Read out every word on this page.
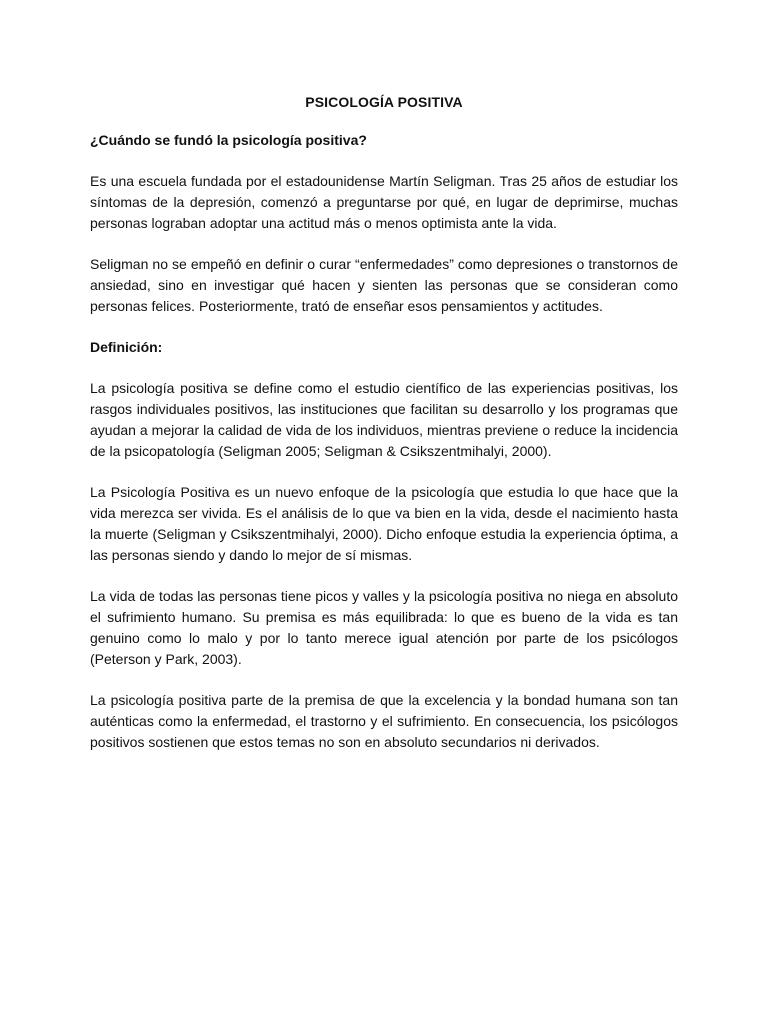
PSICOLOGÍA POSITIVA
¿Cuándo se fundó la psicología positiva?

Es una escuela fundada por el estadounidense Martín Seligman. Tras 25 años de estudiar los síntomas de la depresión, comenzó a preguntarse por qué, en lugar de deprimirse, muchas personas lograban adoptar una actitud más o menos optimista ante la vida.

Seligman no se empeñó en definir o curar “enfermedades” como depresiones o transtornos de ansiedad, sino en investigar qué hacen y sienten las personas que se consideran como personas felices. Posteriormente, trató de enseñar esos pensamientos y actitudes.

Definición:

La psicología positiva se define como el estudio científico de las experiencias positivas, los rasgos individuales positivos, las instituciones que facilitan su desarrollo y los programas que ayudan a mejorar la calidad de vida de los individuos, mientras previene o reduce la incidencia de la psicopatología (Seligman 2005; Seligman & Csikszentmihalyi, 2000).

La Psicología Positiva es un nuevo enfoque de la psicología que estudia lo que hace que la vida merezca ser vivida. Es el análisis de lo que va bien en la vida, desde el nacimiento hasta la muerte (Seligman y Csikszentmihalyi, 2000). Dicho enfoque estudia la experiencia óptima, a las personas siendo y dando lo mejor de sí mismas.

La vida de todas las personas tiene picos y valles y la psicología positiva no niega en absoluto el sufrimiento humano. Su premisa es más equilibrada: lo que es bueno de la vida es tan genuino como lo malo y por lo tanto merece igual atención por parte de los psicólogos (Peterson y Park, 2003).

La psicología positiva parte de la premisa de que la excelencia y la bondad humana son tan auténticas como la enfermedad, el trastorno y el sufrimiento. En consecuencia, los psicólogos positivos sostienen que estos temas no son en absoluto secundarios ni derivados.
